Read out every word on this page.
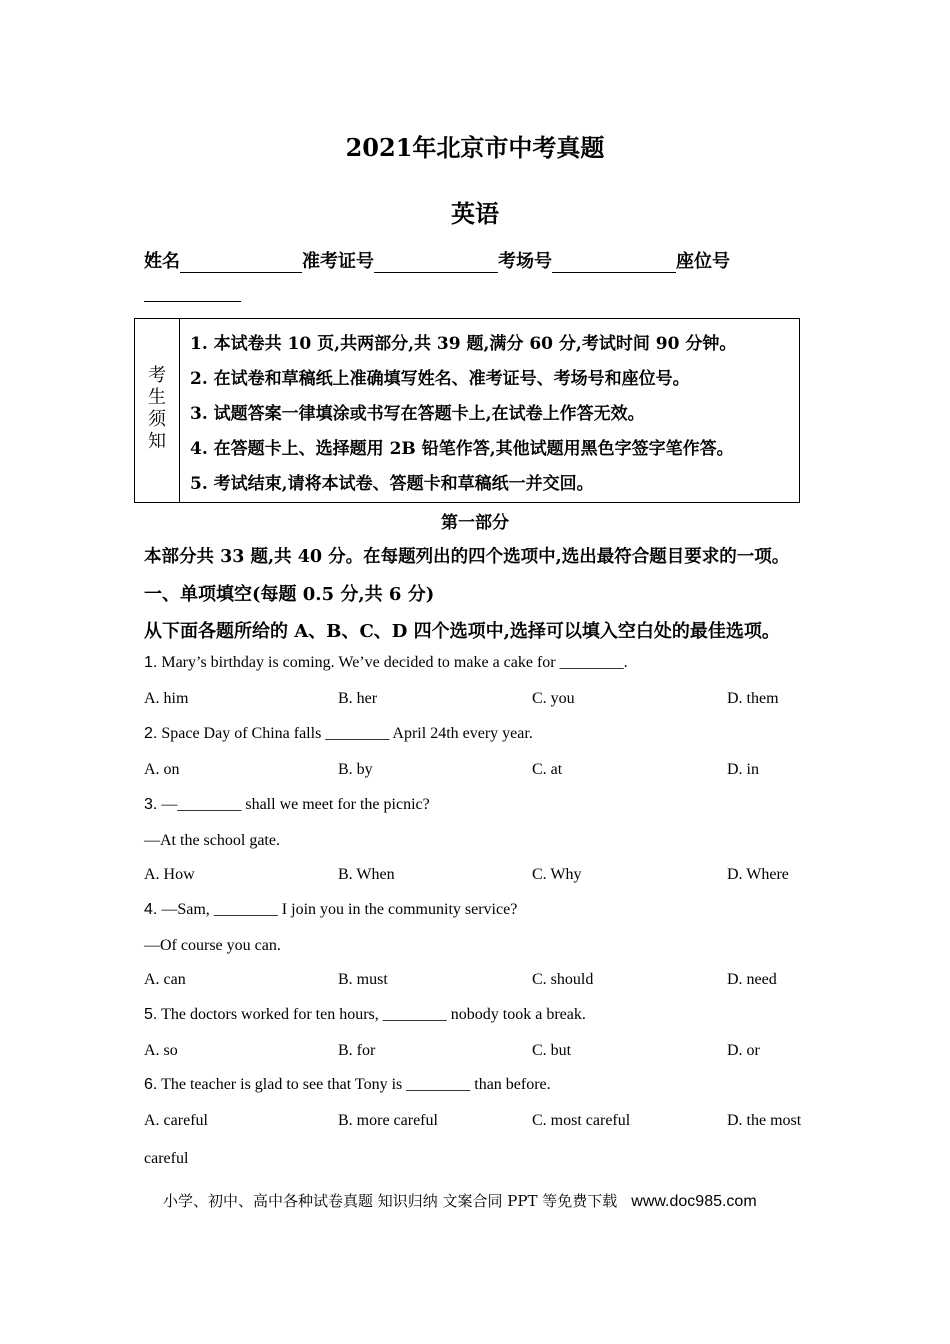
2021年北京市中考真题
英语
姓名	准考证号	考场号	座位号
考生须知
1. 本试卷共 10 页,共两部分,共 39 题,满分 60 分,考试时间 90 分钟。
2. 在试卷和草稿纸上准确填写姓名、准考证号、考场号和座位号。
3. 试题答案一律填涂或书写在答题卡上,在试卷上作答无效。
4. 在答题卡上、选择题用 2B 铅笔作答,其他试题用黑色字签字笔作答。
5. 考试结束,请将本试卷、答题卡和草稿纸一并交回。
第一部分
本部分共 33 题,共 40 分。在每题列出的四个选项中,选出最符合题目要求的一项。
一、单项填空(每题 0.5 分,共 6 分)
从下面各题所给的 A、B、C、D 四个选项中,选择可以填入空白处的最佳选项。
1. Mary’s birthday is coming. We’ve decided to make a cake for ________.
A. him	B. her	C. you	D. them
2. Space Day of China falls ________ April 24th every year.
A. on	B. by	C. at	D. in
3. —________ shall we meet for the picnic?
—At the school gate.
A. How	B. When	C. Why	D. Where
4. —Sam, ________ I join you in the community service?
—Of course you can.
A. can	B. must	C. should	D. need
5. The doctors worked for ten hours, ________ nobody took a break.
A. so	B. for	C. but	D. or
6. The teacher is glad to see that Tony is ________ than before.
A. careful	B. more careful	C. most careful	D. the most
careful
小学、初中、高中各种试卷真题 知识归纳 文案合同 PPT 等免费下载 www.doc985.com
